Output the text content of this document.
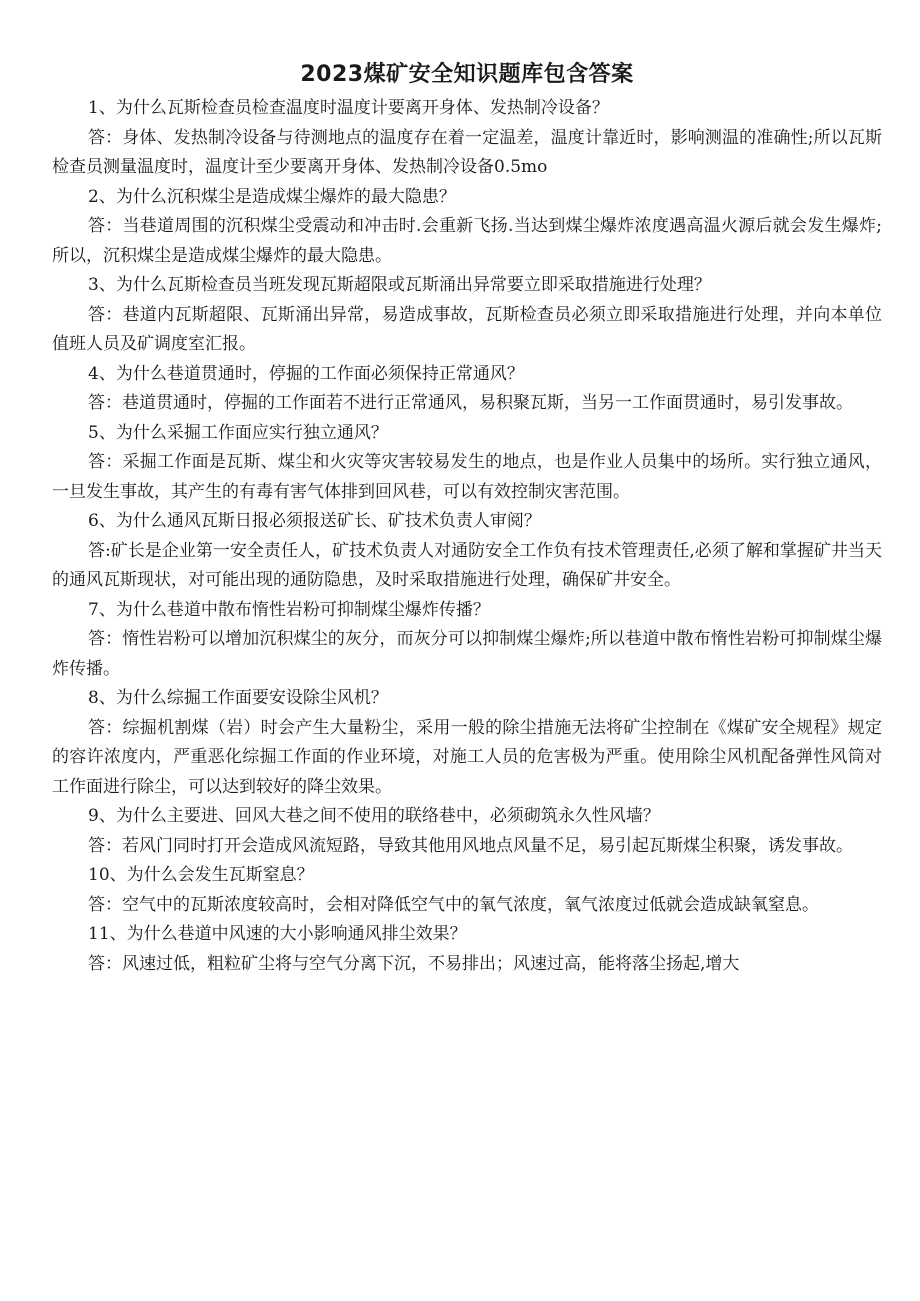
2023煤矿安全知识题库包含答案

1、为什么瓦斯检查员检查温度时温度计要离开身体、发热制冷设备？

答：身体、发热制冷设备与待测地点的温度存在着一定温差，温度计靠近时，影响测温的准确性;所以瓦斯检查员测量温度时，温度计至少要离开身体、发热制冷设备0.5mo

2、为什么沉积煤尘是造成煤尘爆炸的最大隐患？

答：当巷道周围的沉积煤尘受震动和冲击时.会重新飞扬.当达到煤尘爆炸浓度遇高温火源后就会发生爆炸;所以，沉积煤尘是造成煤尘爆炸的最大隐患。

3、为什么瓦斯检查员当班发现瓦斯超限或瓦斯涌出异常要立即采取措施进行处理？

答：巷道内瓦斯超限、瓦斯涌出异常，易造成事故，瓦斯检查员必须立即采取措施进行处理，并向本单位值班人员及矿调度室汇报。

4、为什么巷道贯通时，停掘的工作面必须保持正常通风？

答：巷道贯通时，停掘的工作面若不进行正常通风，易积聚瓦斯，当另一工作面贯通时，易引发事故。

5、为什么采掘工作面应实行独立通风？

答：采掘工作面是瓦斯、煤尘和火灾等灾害较易发生的地点，也是作业人员集中的场所。实行独立通风，一旦发生事故，其产生的有毒有害气体排到回风巷，可以有效控制灾害范围。

6、为什么通风瓦斯日报必须报送矿长、矿技术负责人审阅？

答:矿长是企业第一安全责任人，矿技术负责人对通防安全工作负有技术管理责任,必须了解和掌握矿井当天的通风瓦斯现状，对可能出现的通防隐患，及时采取措施进行处理，确保矿井安全。

7、为什么巷道中散布惰性岩粉可抑制煤尘爆炸传播？

答：惰性岩粉可以增加沉积煤尘的灰分，而灰分可以抑制煤尘爆炸;所以巷道中散布惰性岩粉可抑制煤尘爆炸传播。

8、为什么综掘工作面要安设除尘风机？

答：综掘机割煤（岩）时会产生大量粉尘，采用一般的除尘措施无法将矿尘控制在《煤矿安全规程》规定的容许浓度内，严重恶化综掘工作面的作业环境，对施工人员的危害极为严重。使用除尘风机配备弹性风筒对工作面进行除尘，可以达到较好的降尘效果。

9、为什么主要进、回风大巷之间不使用的联络巷中，必须砌筑永久性风墙？

答：若风门同时打开会造成风流短路，导致其他用风地点风量不足，易引起瓦斯煤尘积聚，诱发事故。

10、为什么会发生瓦斯窒息？

答：空气中的瓦斯浓度较高时，会相对降低空气中的氧气浓度，氧气浓度过低就会造成缺氧窒息。

11、为什么巷道中风速的大小影响通风排尘效果？

答：风速过低，粗粒矿尘将与空气分离下沉，不易排出；风速过高，能将落尘扬起,增大
